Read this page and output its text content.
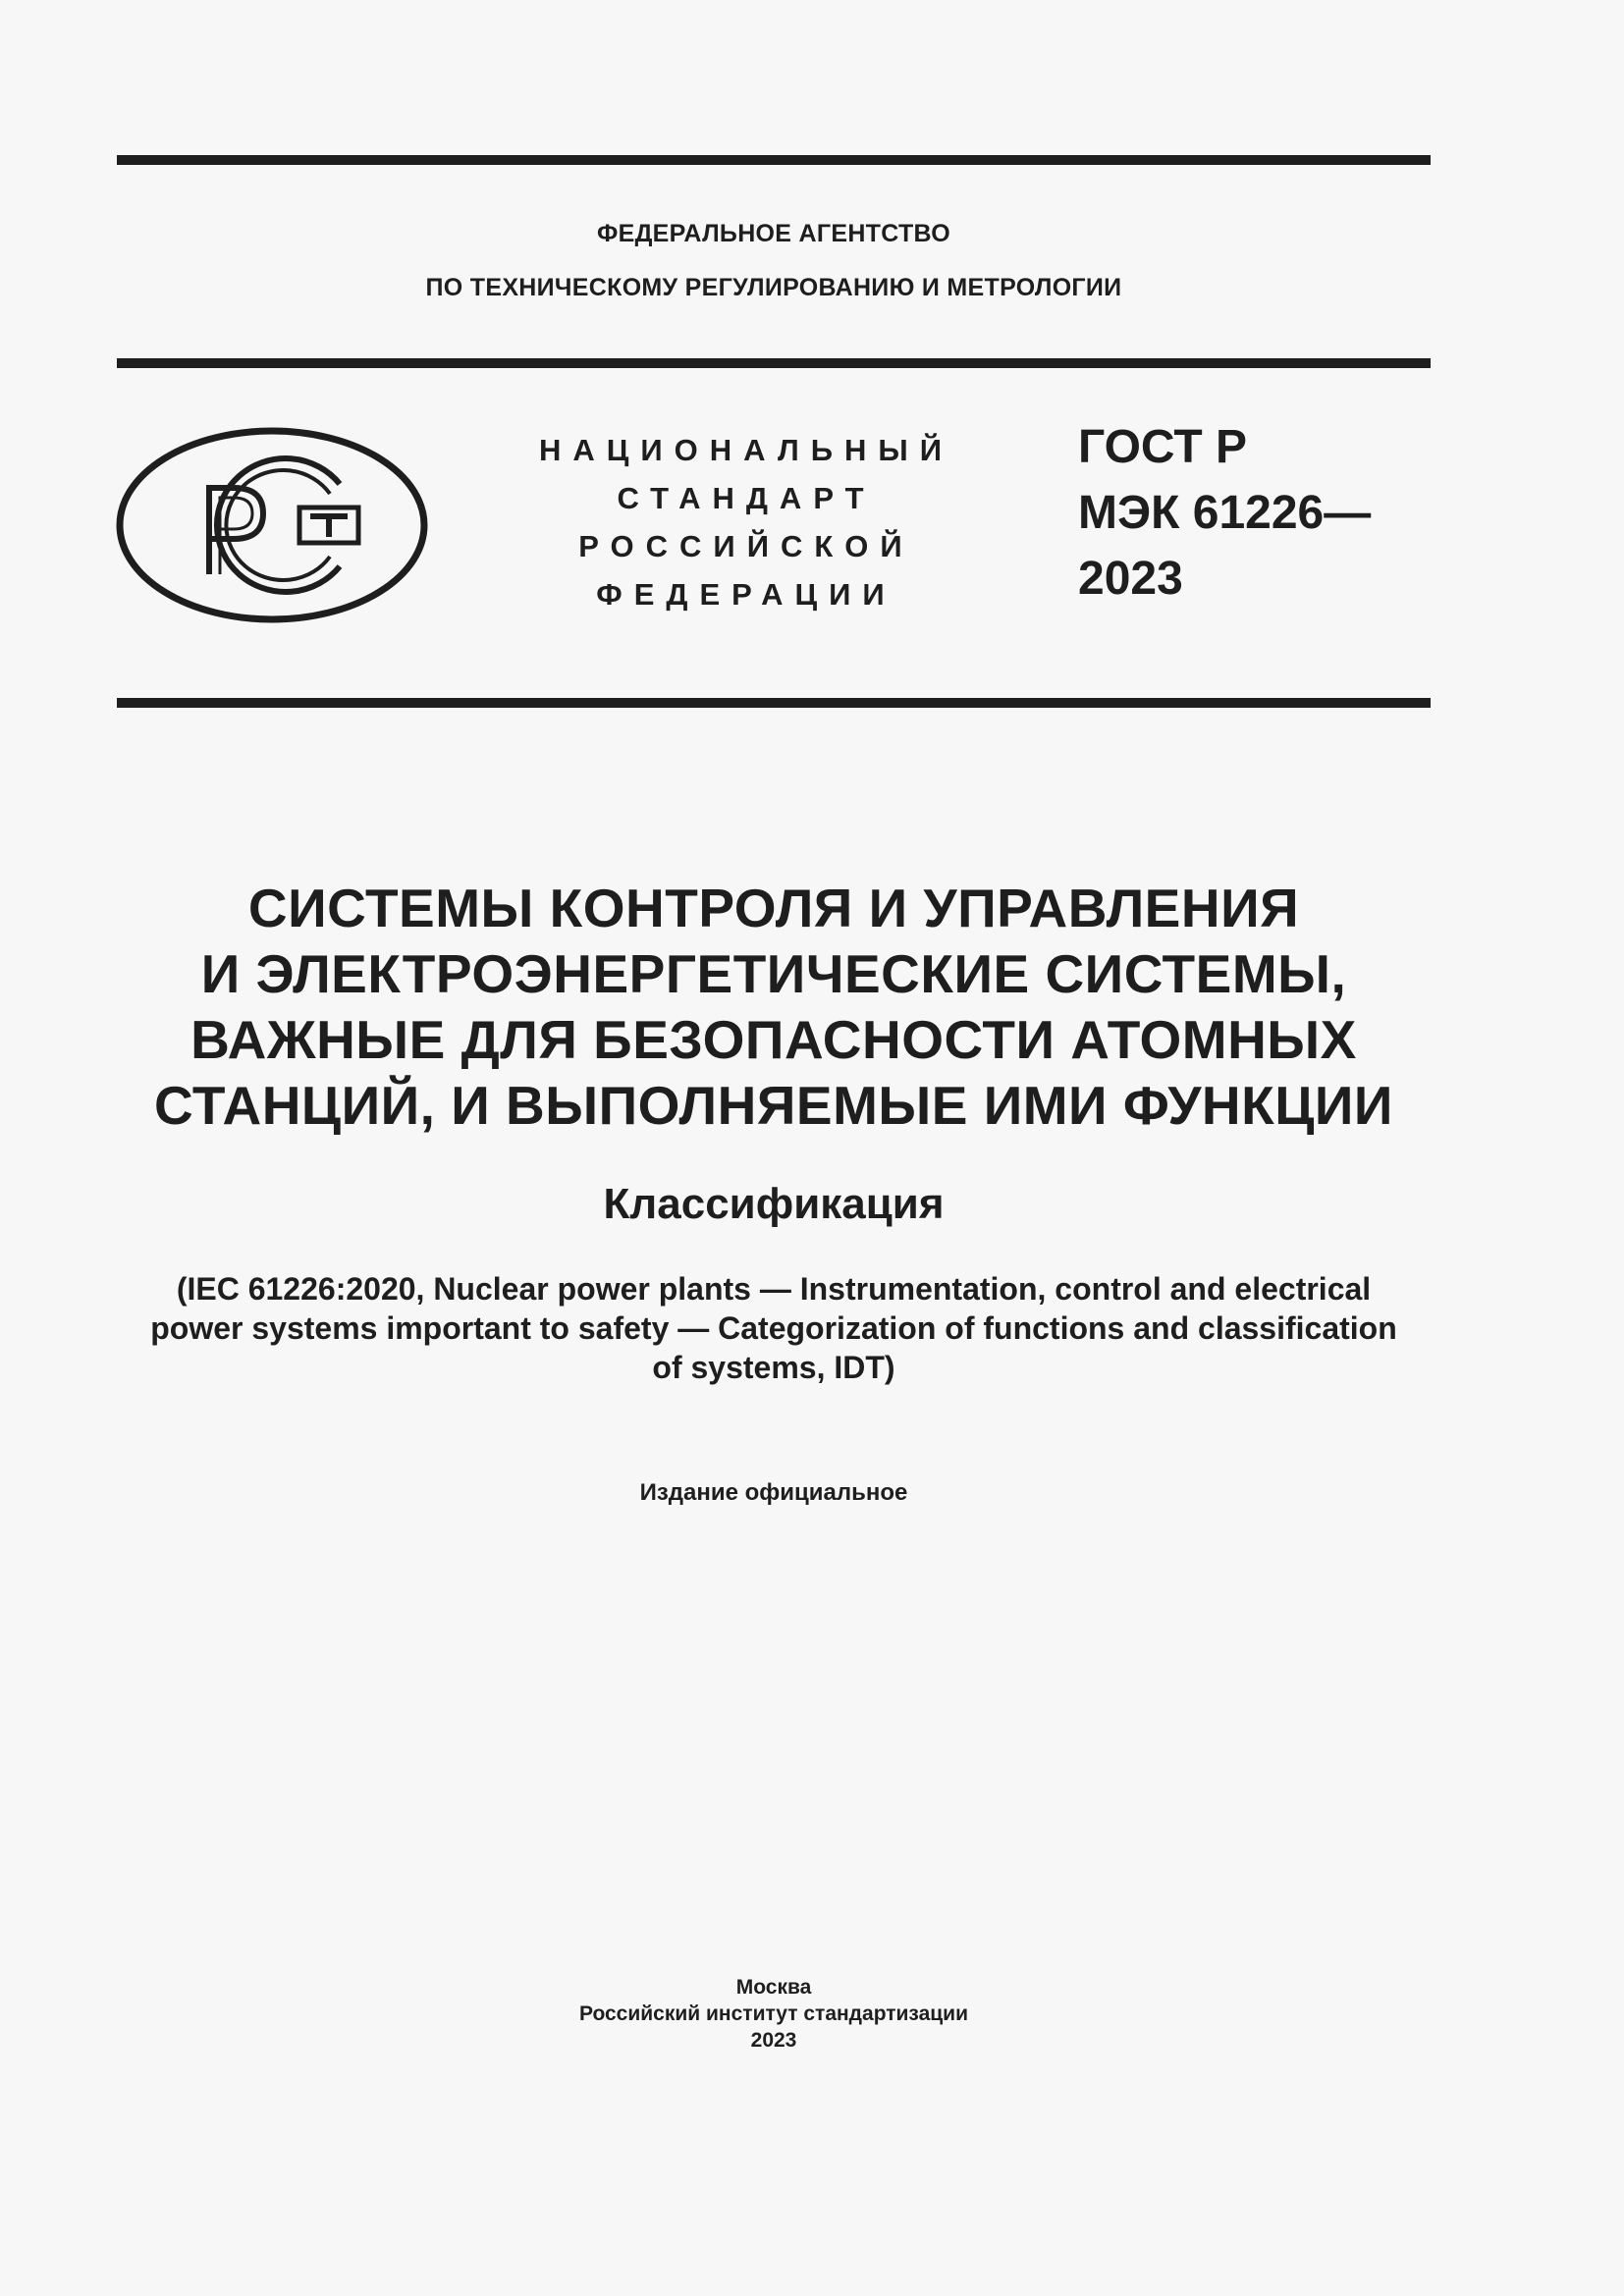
ФЕДЕРАЛЬНОЕ АГЕНТСТВО
ПО ТЕХНИЧЕСКОМУ РЕГУЛИРОВАНИЮ И МЕТРОЛОГИИ
НАЦИОНАЛЬНЫЙ
СТАНДАРТ
РОССИЙСКОЙ
ФЕДЕРАЦИИ
ГОСТ Р
МЭК 61226—
2023
СИСТЕМЫ КОНТРОЛЯ И УПРАВЛЕНИЯ
И ЭЛЕКТРОЭНЕРГЕТИЧЕСКИЕ СИСТЕМЫ,
ВАЖНЫЕ ДЛЯ БЕЗОПАСНОСТИ АТОМНЫХ
СТАНЦИЙ, И ВЫПОЛНЯЕМЫЕ ИМИ ФУНКЦИИ
Классификация
(IEC 61226:2020, Nuclear power plants — Instrumentation, control and electrical
power systems important to safety — Categorization of functions and classification
of systems, IDT)
Издание официальное
Москва
Российский институт стандартизации
2023
